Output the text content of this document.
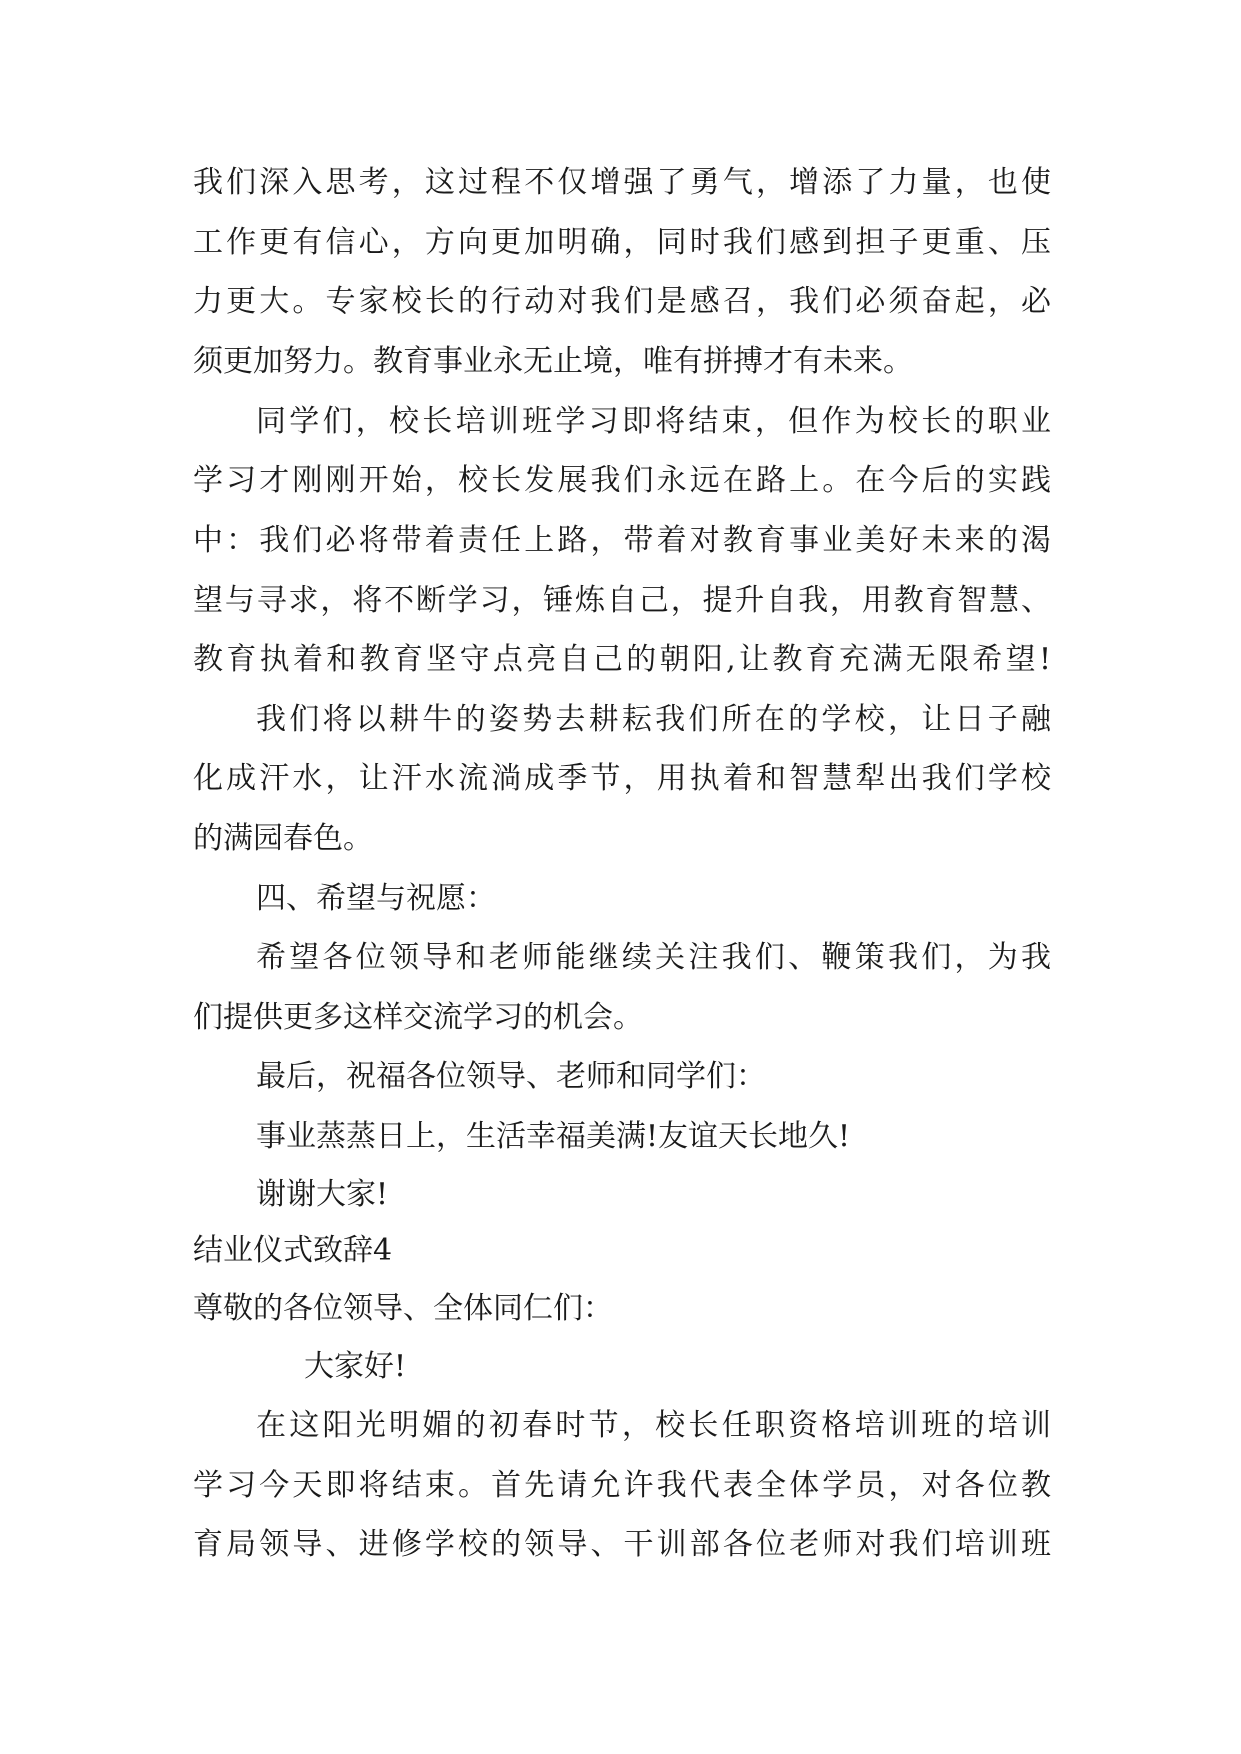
我们深入思考，这过程不仅增强了勇气，增添了力量，也使

工作更有信心，方向更加明确，同时我们感到担子更重、压

力更大。专家校长的行动对我们是感召，我们必须奋起，必

须更加努力。教育事业永无止境，唯有拼搏才有未来。

同学们，校长培训班学习即将结束，但作为校长的职业

学习才刚刚开始，校长发展我们永远在路上。在今后的实践

中：我们必将带着责任上路，带着对教育事业美好未来的渴

望与寻求，将不断学习，锤炼自己，提升自我，用教育智慧、

教育执着和教育坚守点亮自己的朝阳,让教育充满无限希望!

我们将以耕牛的姿势去耕耘我们所在的学校，让日子融

化成汗水，让汗水流淌成季节，用执着和智慧犁出我们学校

的满园春色。

四、希望与祝愿：

希望各位领导和老师能继续关注我们、鞭策我们，为我

们提供更多这样交流学习的机会。

最后，祝福各位领导、老师和同学们：

事业蒸蒸日上，生活幸福美满!友谊天长地久!

谢谢大家!

结业仪式致辞4

尊敬的各位领导、全体同仁们：

大家好!

在这阳光明媚的初春时节，校长任职资格培训班的培训

学习今天即将结束。首先请允许我代表全体学员，对各位教

育局领导、进修学校的领导、干训部各位老师对我们培训班
